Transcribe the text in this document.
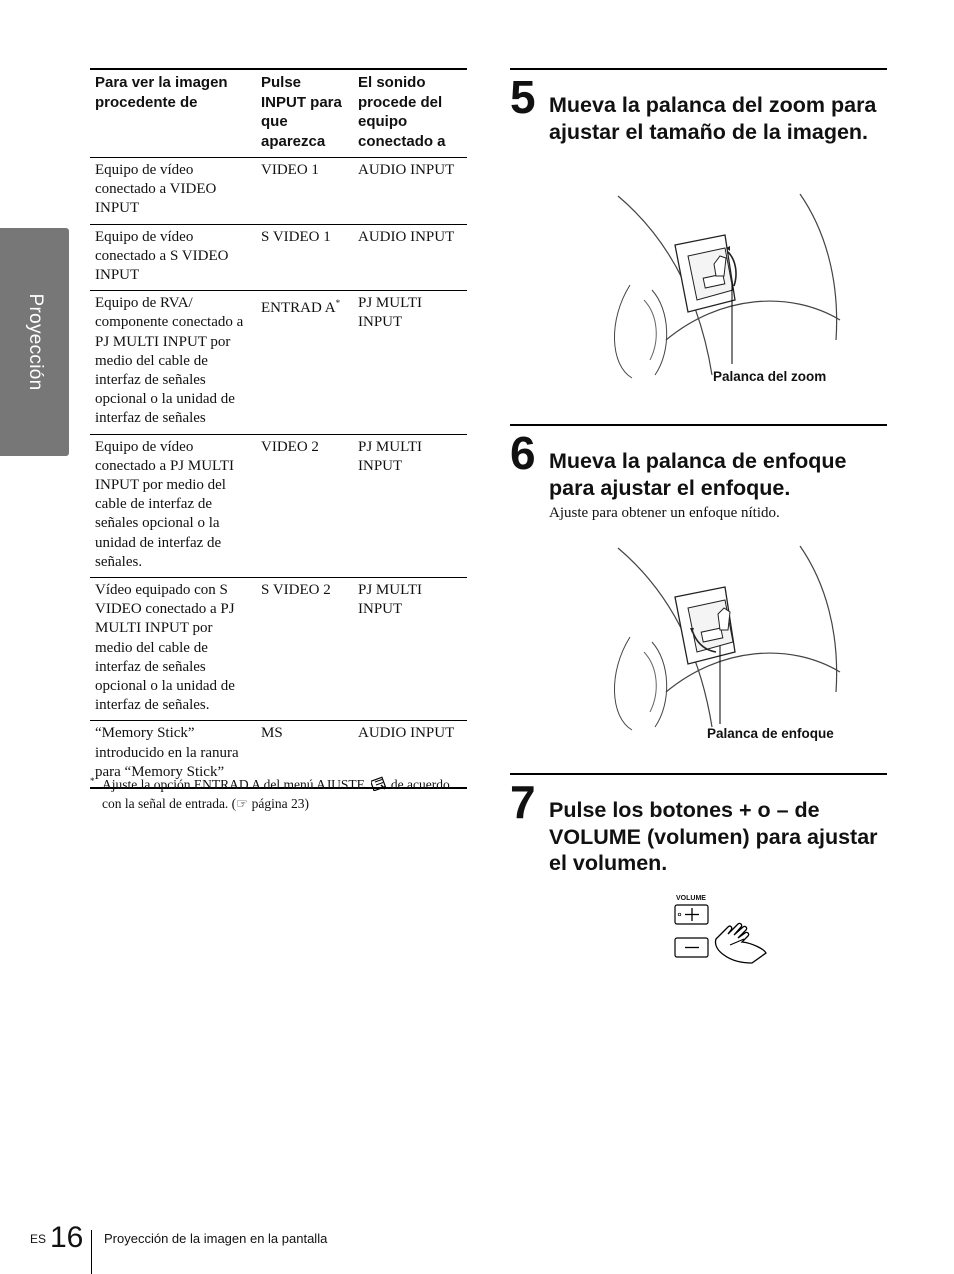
Proyección
Para ver la imagen procedente de	Pulse INPUT para que aparezca	El sonido procede del equipo conectado a
Equipo de vídeo conectado a VIDEO INPUT	VIDEO 1	AUDIO INPUT
Equipo de vídeo conectado a S VIDEO INPUT	S VIDEO 1	AUDIO INPUT
Equipo de RVA/ componente conectado a PJ MULTI INPUT por medio del cable de interfaz de señales opcional o la unidad de interfaz de señales	ENTRAD A*	PJ MULTI INPUT
Equipo de vídeo conectado a PJ MULTI INPUT por medio del cable de interfaz de señales opcional o la unidad de interfaz de señales.	VIDEO 2	PJ MULTI INPUT
Vídeo equipado con S VIDEO conectado a PJ MULTI INPUT por medio del cable de interfaz de señales opcional o la unidad de interfaz de señales.	S VIDEO 2	PJ MULTI INPUT
“Memory Stick” introducido en la ranura para “Memory Stick”	MS	AUDIO INPUT
* Ajuste la opción ENTRAD A del menú AJUSTE de acuerdo con la señal de entrada. (☞ página 23)
5 Mueva la palanca del zoom para ajustar el tamaño de la imagen.
Palanca del zoom
6 Mueva la palanca de enfoque para ajustar el enfoque.
Ajuste para obtener un enfoque nítido.
Palanca de enfoque
7 Pulse los botones + o – de VOLUME (volumen) para ajustar el volumen.
VOLUME
ES 16 Proyección de la imagen en la pantalla
